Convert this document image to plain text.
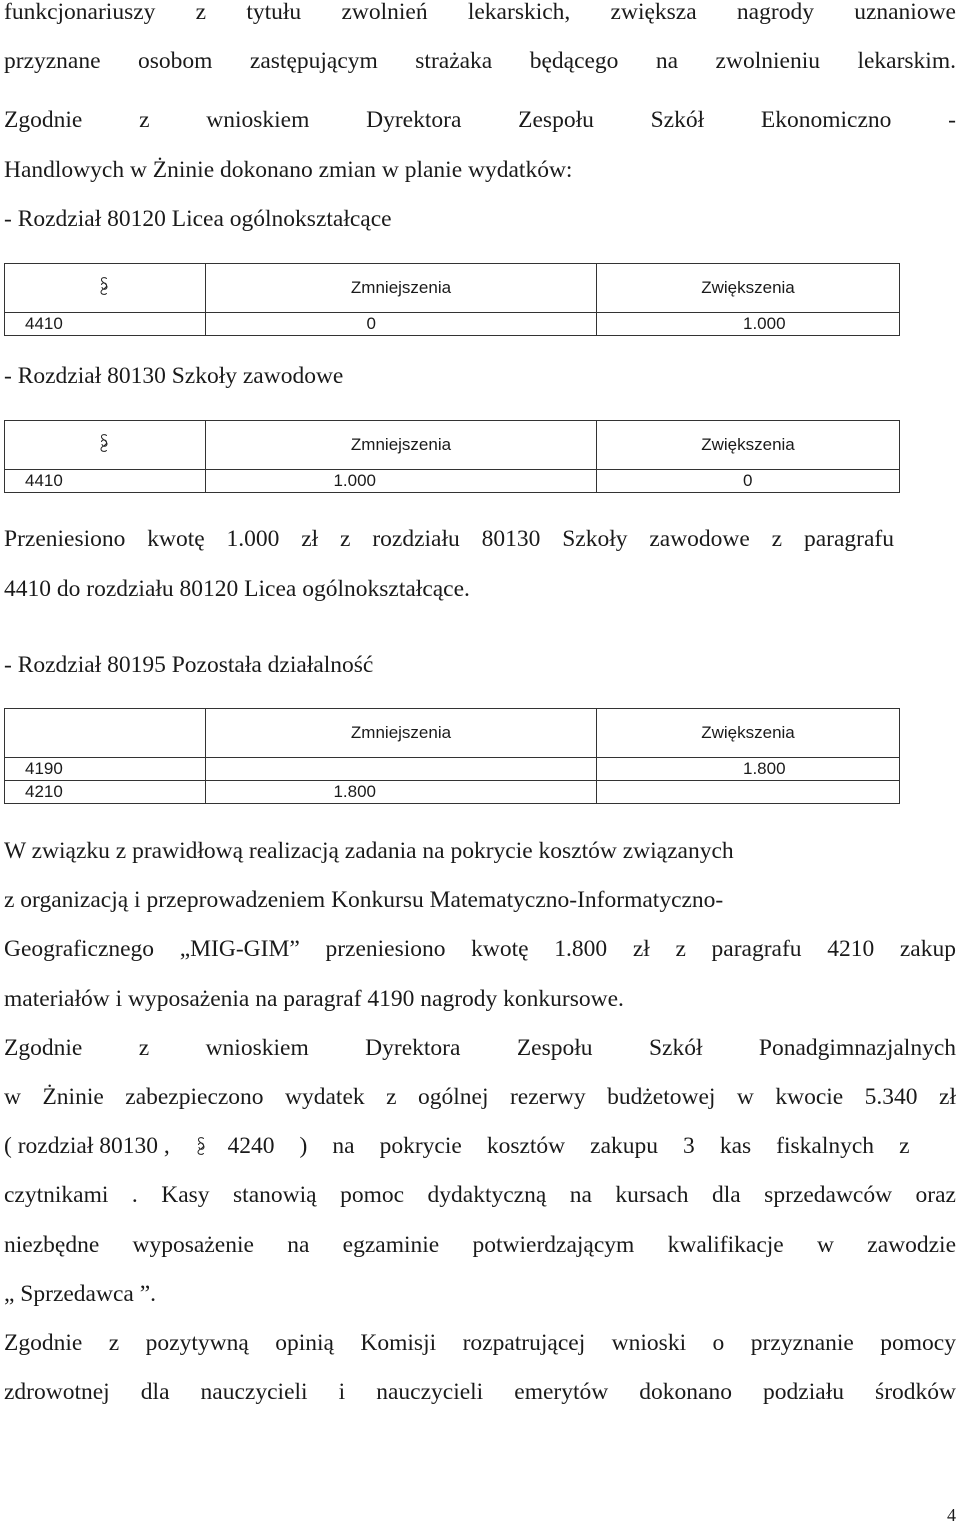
funkcjonariuszy z tytułu zwolnień lekarskich, zwiększa nagrody uznaniowe
przyznane osobom zastępującym strażaka będącego na zwolnieniu lekarskim.
Zgodnie z wnioskiem Dyrektora Zespołu Szkół Ekonomiczno -
Handlowych w Żninie dokonano zmian w planie wydatków:
- Rozdział 80120 Licea ogólnokształcące
	Zmniejszenia	Zwiększenia
4410	0	1.000
- Rozdział 80130 Szkoły zawodowe
	Zmniejszenia	Zwiększenia
4410	1.000	0
Przeniesiono kwotę 1.000 zł z rozdziału 80130 Szkoły zawodowe z paragrafu
4410 do rozdziału 80120 Licea ogólnokształcące.
- Rozdział 80195 Pozostała działalność
	Zmniejszenia	Zwiększenia
4190		1.800
4210	1.800	
W związku z prawidłową realizacją zadania na pokrycie kosztów związanych
z organizacją i przeprowadzeniem Konkursu Matematyczno-Informatyczno-
Geograficznego „MIG-GIM” przeniesiono kwotę 1.800 zł z paragrafu 4210 zakup
materiałów i wyposażenia na paragraf 4190 nagrody konkursowe.
Zgodnie z wnioskiem Dyrektora Zespołu Szkół Ponadgimnazjalnych
w Żninie zabezpieczono wydatek z ogólnej rezerwy budżetowej w kwocie 5.340 zł
( rozdział 80130 , 4240 ) na pokrycie kosztów zakupu 3 kas fiskalnych z
czytnikami . Kasy stanowią pomoc dydaktyczną na kursach dla sprzedawców oraz
niezbędne wyposażenie na egzaminie potwierdzającym kwalifikacje w zawodzie
„ Sprzedawca ”.
Zgodnie z pozytywną opinią Komisji rozpatrującej wnioski o przyznanie pomocy
zdrowotnej dla nauczycieli i nauczycieli emerytów dokonano podziału środków
4
